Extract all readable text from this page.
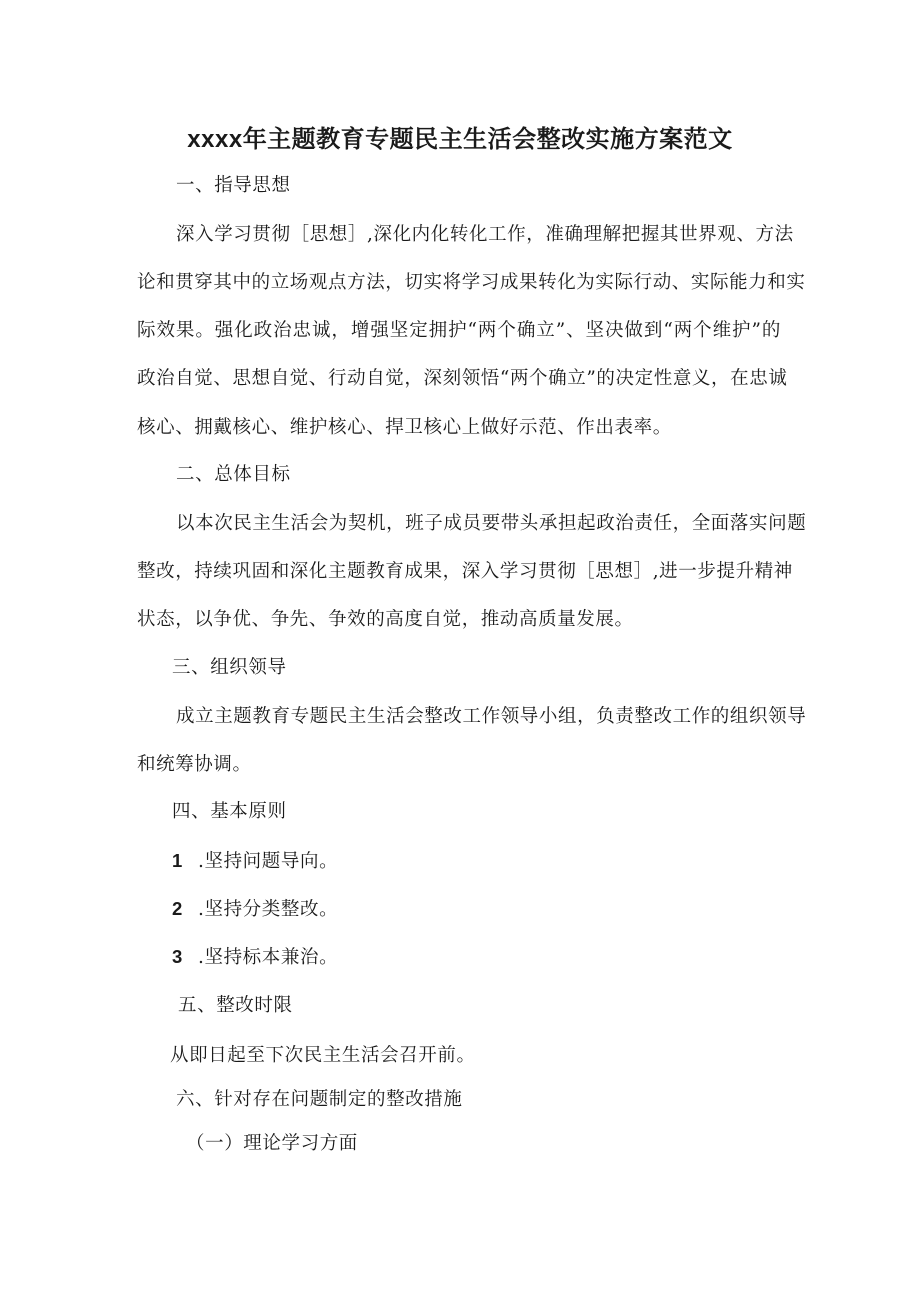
xxxx年主题教育专题民主生活会整改实施方案范文
一、指导思想
深入学习贯彻［思想］,深化内化转化工作，准确理解把握其世界观、方法
论和贯穿其中的立场观点方法，切实将学习成果转化为实际行动、实际能力和实
际效果。强化政治忠诚，增强坚定拥护“两个确立”、坚决做到“两个维护”的
政治自觉、思想自觉、行动自觉，深刻领悟“两个确立”的决定性意义，在忠诚
核心、拥戴核心、维护核心、捍卫核心上做好示范、作出表率。
二、总体目标
以本次民主生活会为契机，班子成员要带头承担起政治责任，全面落实问题
整改，持续巩固和深化主题教育成果，深入学习贯彻［思想］,进一步提升精神
状态，以争优、争先、争效的高度自觉，推动高质量发展。
三、组织领导
成立主题教育专题民主生活会整改工作领导小组，负责整改工作的组织领导
和统筹协调。
四、基本原则
1 .坚持问题导向。
2 .坚持分类整改。
3 .坚持标本兼治。
五、整改时限
从即日起至下次民主生活会召开前。
六、针对存在问题制定的整改措施
（一）理论学习方面
